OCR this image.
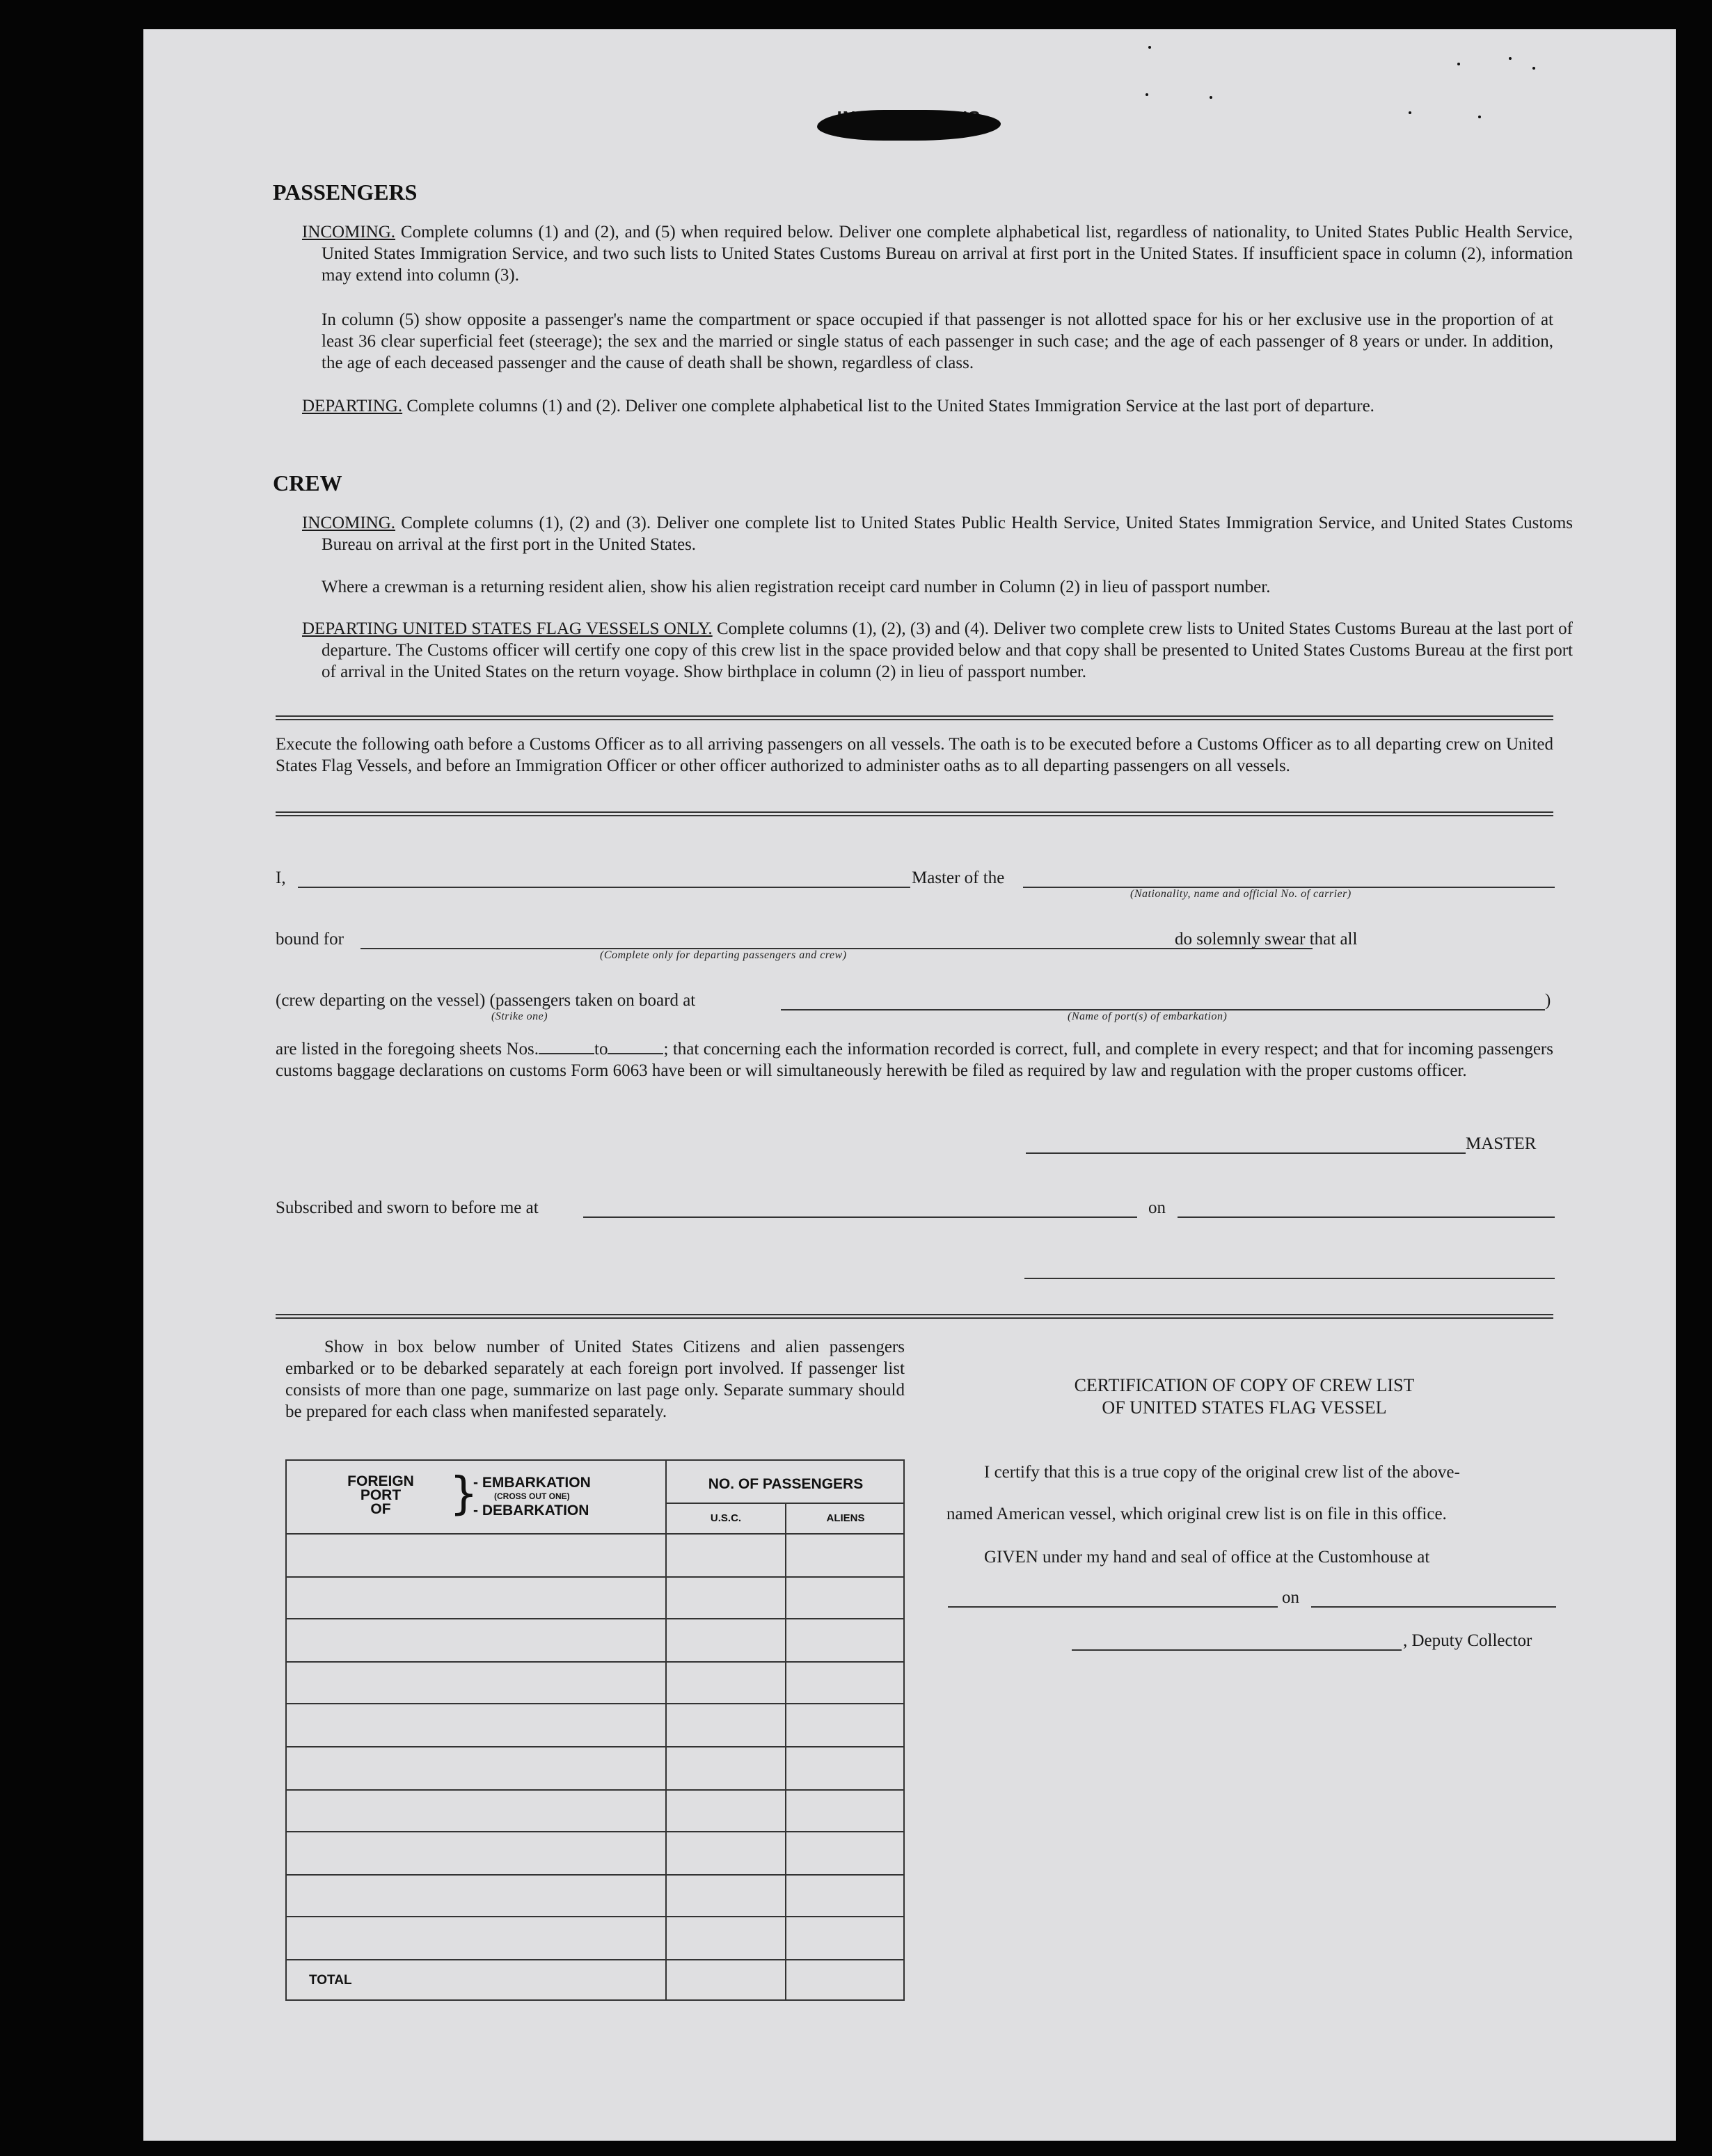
PASSENGERS
INCOMING. Complete columns (1) and (2), and (5) when required below. Deliver one complete alphabetical list, regardless of nationality, to United States Public Health Service, United States Immigration Service, and two such lists to United States Customs Bureau on arrival at first port in the United States. If insufficient space in column (2), information may extend into column (3).
In column (5) show opposite a passenger's name the compartment or space occupied if that passenger is not allotted space for his or her exclusive use in the proportion of at least 36 clear superficial feet (steerage); the sex and the married or single status of each passenger in such case; and the age of each passenger of 8 years or under. In addition, the age of each deceased passenger and the cause of death shall be shown, regardless of class.
DEPARTING. Complete columns (1) and (2). Deliver one complete alphabetical list to the United States Immigration Service at the last port of departure.
CREW
INCOMING. Complete columns (1), (2) and (3). Deliver one complete list to United States Public Health Service, United States Immigration Service, and United States Customs Bureau on arrival at the first port in the United States.
Where a crewman is a returning resident alien, show his alien registration receipt card number in Column (2) in lieu of passport number.
DEPARTING UNITED STATES FLAG VESSELS ONLY. Complete columns (1), (2), (3) and (4). Deliver two complete crew lists to United States Customs Bureau at the last port of departure. The Customs officer will certify one copy of this crew list in the space provided below and that copy shall be presented to United States Customs Bureau at the first port of arrival in the United States on the return voyage. Show birthplace in column (2) in lieu of passport number.
Execute the following oath before a Customs Officer as to all arriving passengers on all vessels. The oath is to be executed before a Customs Officer as to all departing crew on United States Flag Vessels, and before an Immigration Officer or other officer authorized to administer oaths as to all departing passengers on all vessels.
I,	Master of the
(Nationality, name and official No. of carrier)
bound for
(Complete only for departing passengers and crew)
do solemnly swear that all
(crew departing on the vessel) (passengers taken on board at	)
(Strike one)	(Name of port(s) of embarkation)
are listed in the foregoing sheets Nos.	to	; that concerning each the information recorded is correct, full, and complete in every respect; and that for incoming passengers customs baggage declarations on customs Form 6063 have been or will simultaneously herewith be filed as required by law and regulation with the proper customs officer.
MASTER
Subscribed and sworn to before me at	on
Show in box below number of United States Citizens and alien passengers embarked or to be debarked separately at each foreign port involved. If passenger list consists of more than one page, summarize on last page only. Separate summary should be prepared for each class when manifested separately.
FOREIGN
PORT
OF	}
- EMBARKATION
(CROSS OUT ONE)
- DEBARKATION
NO. OF PASSENGERS
U.S.C.	ALIENS
TOTAL
CERTIFICATION OF COPY OF CREW LIST
OF UNITED STATES FLAG VESSEL
I certify that this is a true copy of the original crew list of the above-
named American vessel, which original crew list is on file in this office.
GIVEN under my hand and seal of office at the Customhouse at
on
, Deputy Collector
